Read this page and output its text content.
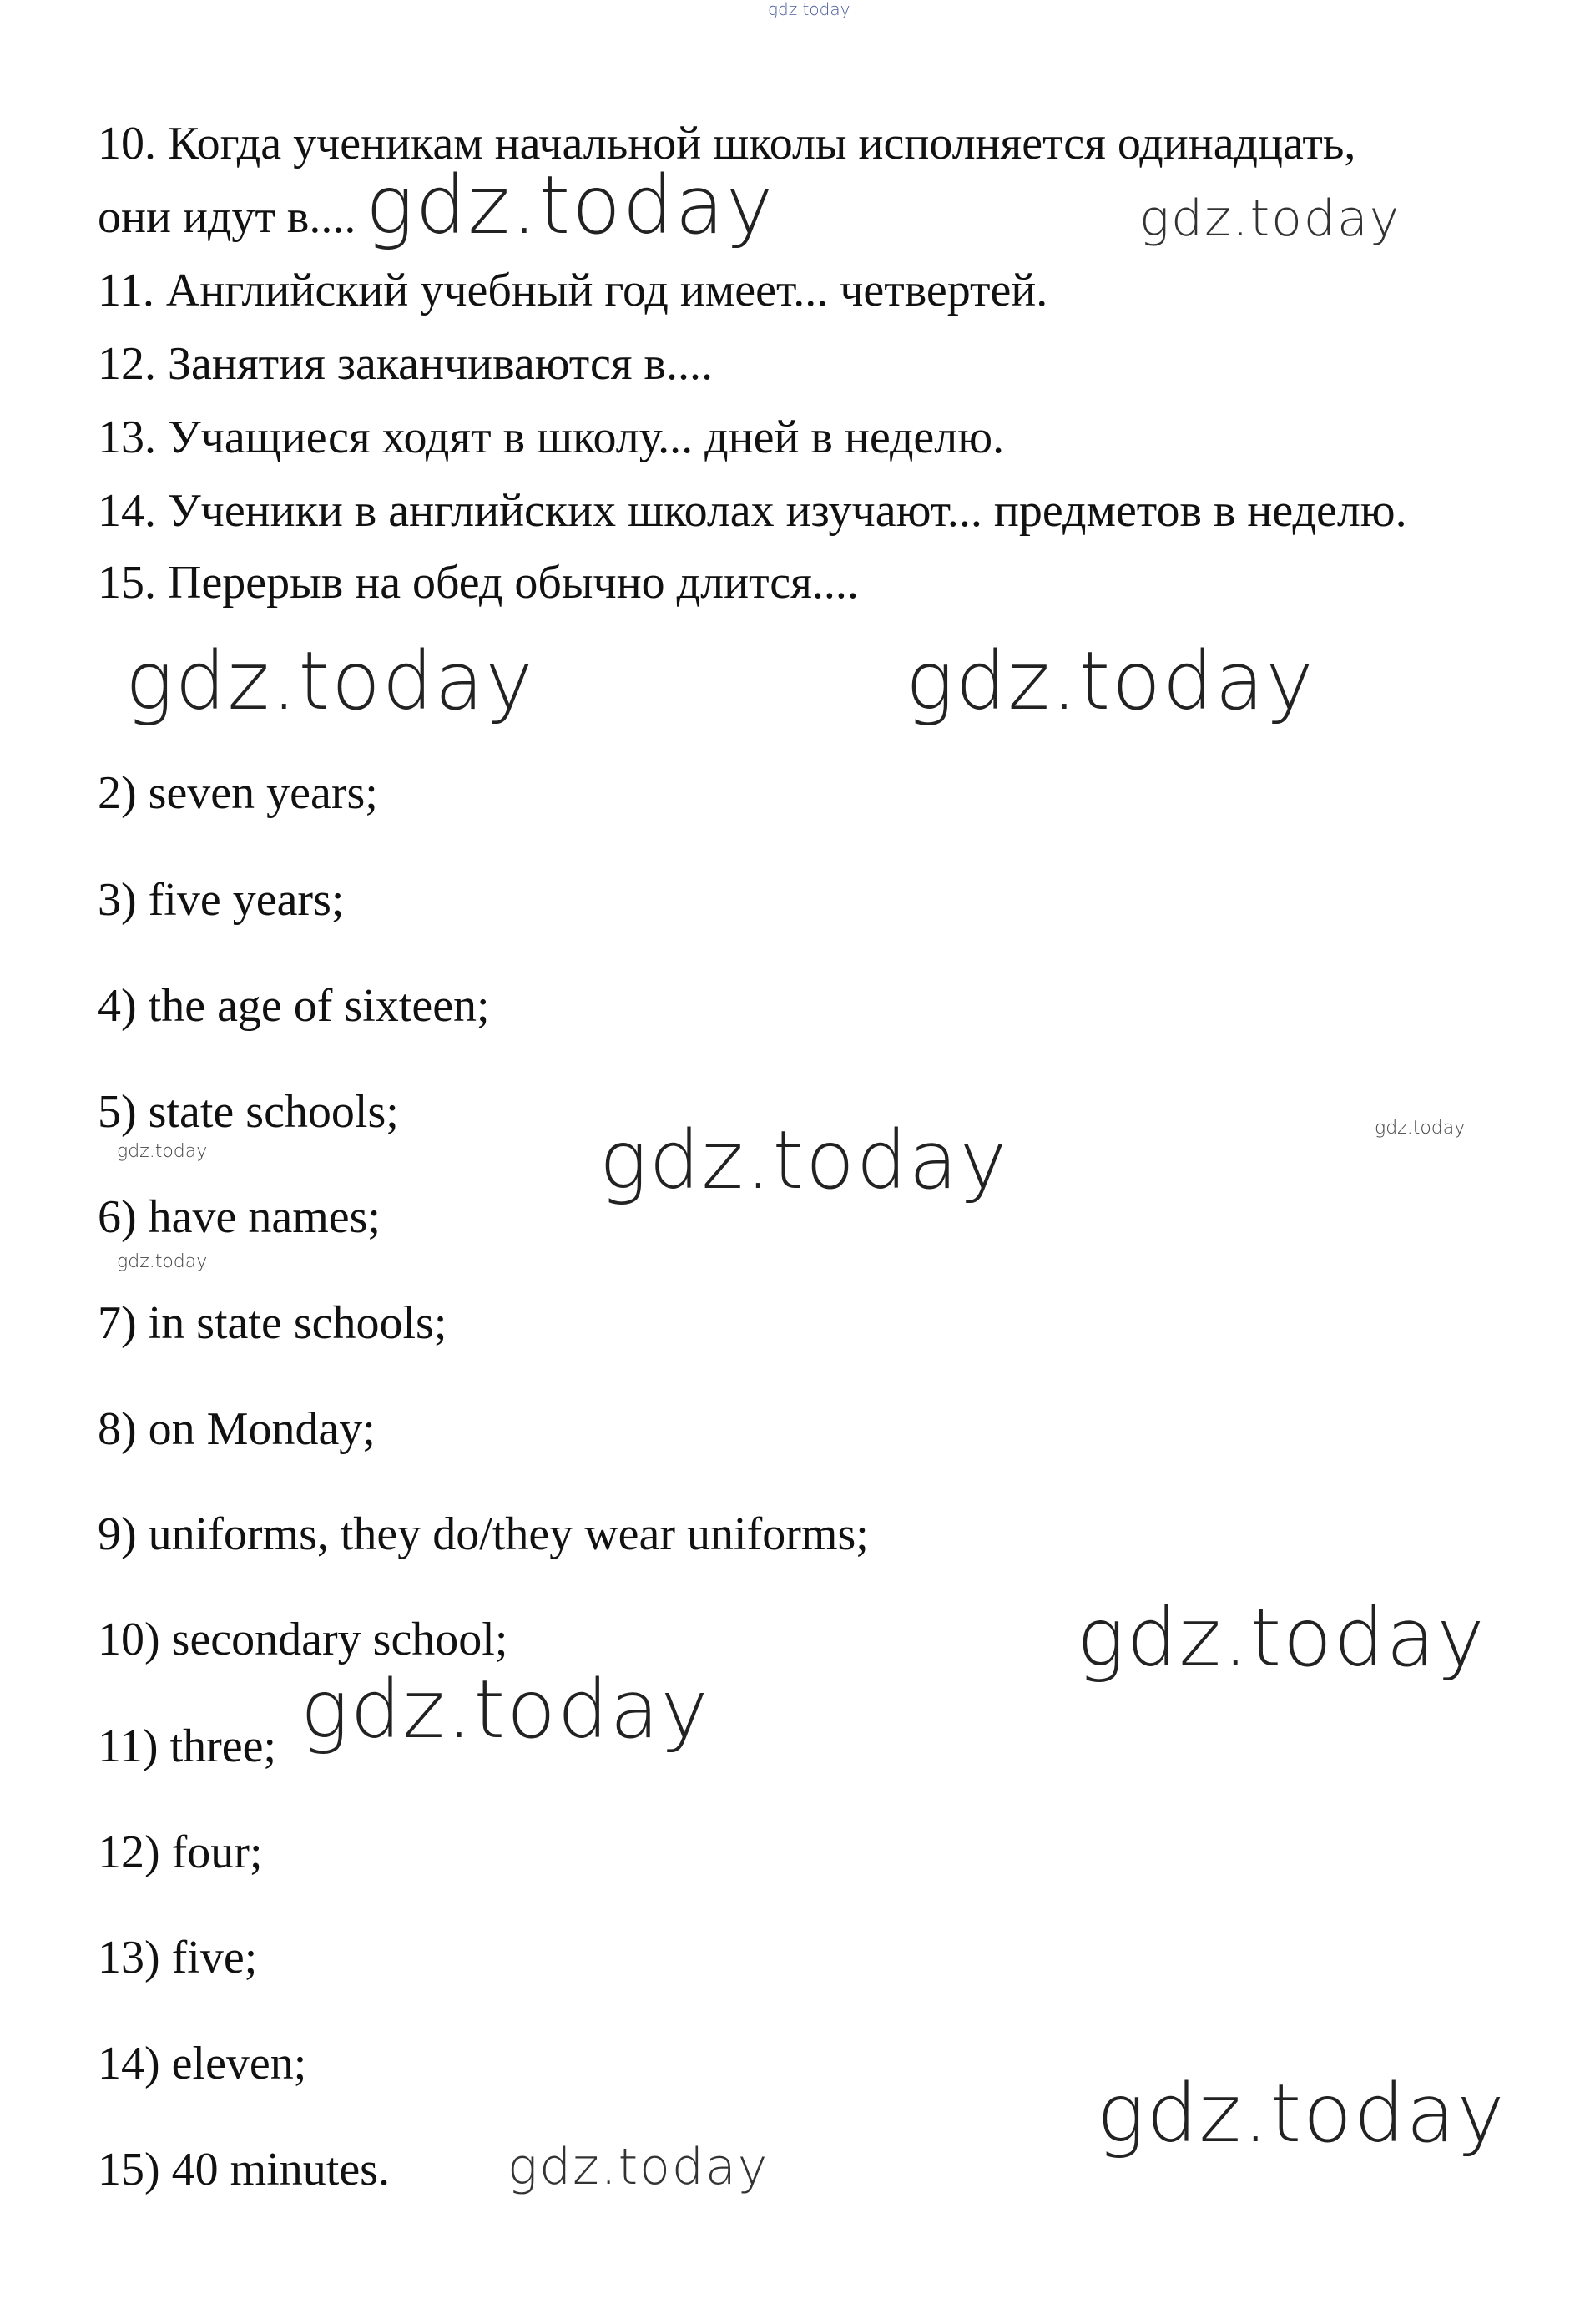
gdz.today
10. Когда ученикам начальной школы исполняется одинадцать,
они идут в....
11. Английский учебный год имеет... четвертей.
12. Занятия заканчиваются в....
13. Учащиеся ходят в школу... дней в неделю.
14. Ученики в английских школах изучают... предметов в неделю.
15. Перерыв на обед обычно длится....
2) seven years;
3) five years;
4) the age of sixteen;
5) state schools;
6) have names;
7) in state schools;
8) on Monday;
9) uniforms, they do/they wear uniforms;
10) secondary school;
11) three;
12) four;
13) five;
14) eleven;
15) 40 minutes.
gdz.today	gdz.today
gdz.today	gdz.today
gdz.today
gdz.today	gdz.today
gdz.today
gdz.today
gdz.today
gdz.today
gdz.today
